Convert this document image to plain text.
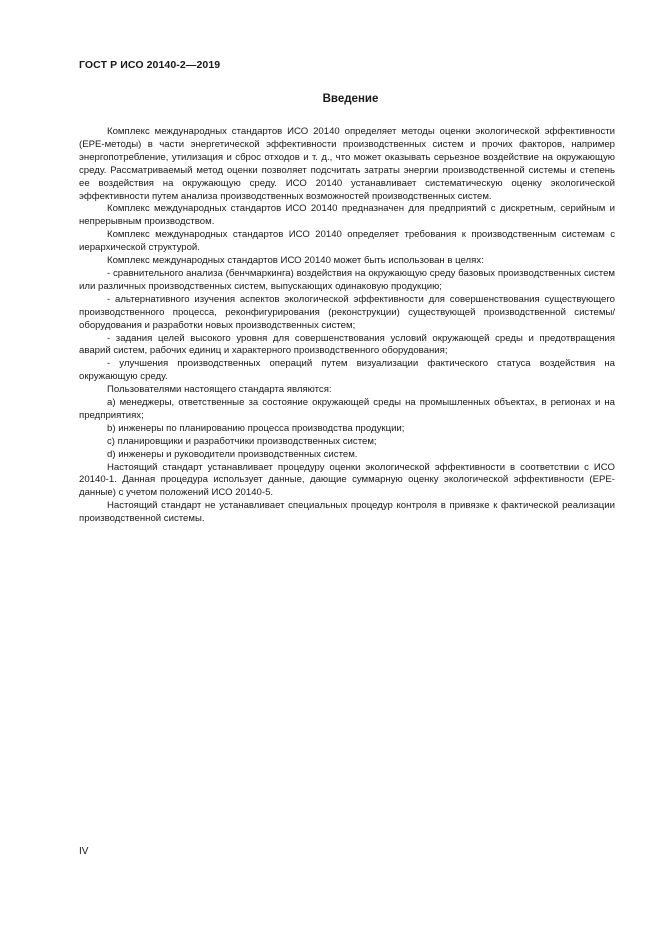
ГОСТ Р ИСО 20140-2—2019
Введение

Комплекс международных стандартов ИСО 20140 определяет методы оценки экологической эффективности (ЕРЕ-методы) в части энергетической эффективности производственных систем и прочих факторов, например энергопотребление, утилизация и сброс отходов и т. д., что может оказывать серьезное воздействие на окружающую среду. Рассматриваемый метод оценки позволяет подсчитать затраты энергии производственной системы и степень ее воздействия на окружающую среду. ИСО 20140 устанавливает систематическую оценку экологической эффективности путем анализа производственных возможностей производственных систем.

Комплекс международных стандартов ИСО 20140 предназначен для предприятий с дискретным, серийным и непрерывным производством.

Комплекс международных стандартов ИСО 20140 определяет требования к производственным системам с иерархической структурой.

Комплекс международных стандартов ИСО 20140 может быть использован в целях:

- сравнительного анализа (бенчмаркинга) воздействия на окружающую среду базовых производственных систем или различных производственных систем, выпускающих одинаковую продукцию;

- альтернативного изучения аспектов экологической эффективности для совершенствования существующего производственного процесса, реконфигурирования (реконструкции) существующей производственной системы/оборудования и разработки новых производственных систем;

- задания целей высокого уровня для совершенствования условий окружающей среды и предотвращения аварий систем, рабочих единиц и характерного производственного оборудования;

- улучшения производственных операций путем визуализации фактического статуса воздействия на окружающую среду.

Пользователями настоящего стандарта являются:

a) менеджеры, ответственные за состояние окружающей среды на промышленных объектах, в регионах и на предприятиях;

b) инженеры по планированию процесса производства продукции;

c) планировщики и разработчики производственных систем;

d) инженеры и руководители производственных систем.

Настоящий стандарт устанавливает процедуру оценки экологической эффективности в соответствии с ИСО 20140-1. Данная процедура использует данные, дающие суммарную оценку экологической эффективности (ЕРЕ-данные) с учетом положений ИСО 20140-5.

Настоящий стандарт не устанавливает специальных процедур контроля в привязке к фактической реализации производственной системы.

IV
